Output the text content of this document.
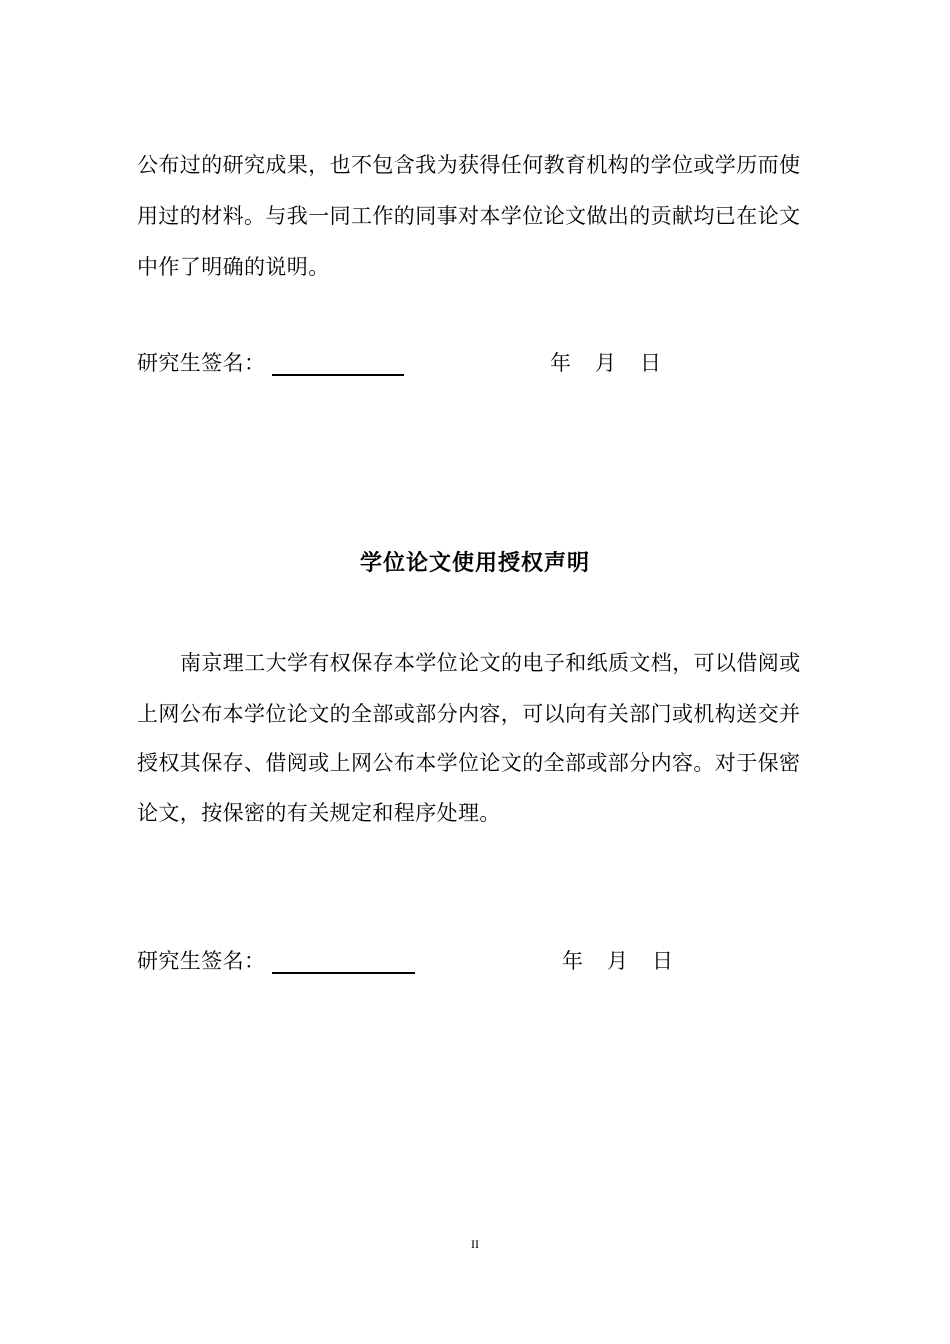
公布过的研究成果，也不包含我为获得任何教育机构的学位或学历而使
用过的材料。与我一同工作的同事对本学位论文做出的贡献均已在论文
中作了明确的说明。
研究生签名：	年 月 日
学位论文使用授权声明
南京理工大学有权保存本学位论文的电子和纸质文档，可以借阅或
上网公布本学位论文的全部或部分内容，可以向有关部门或机构送交并
授权其保存、借阅或上网公布本学位论文的全部或部分内容。对于保密
论文，按保密的有关规定和程序处理。
研究生签名：	年 月 日
II
